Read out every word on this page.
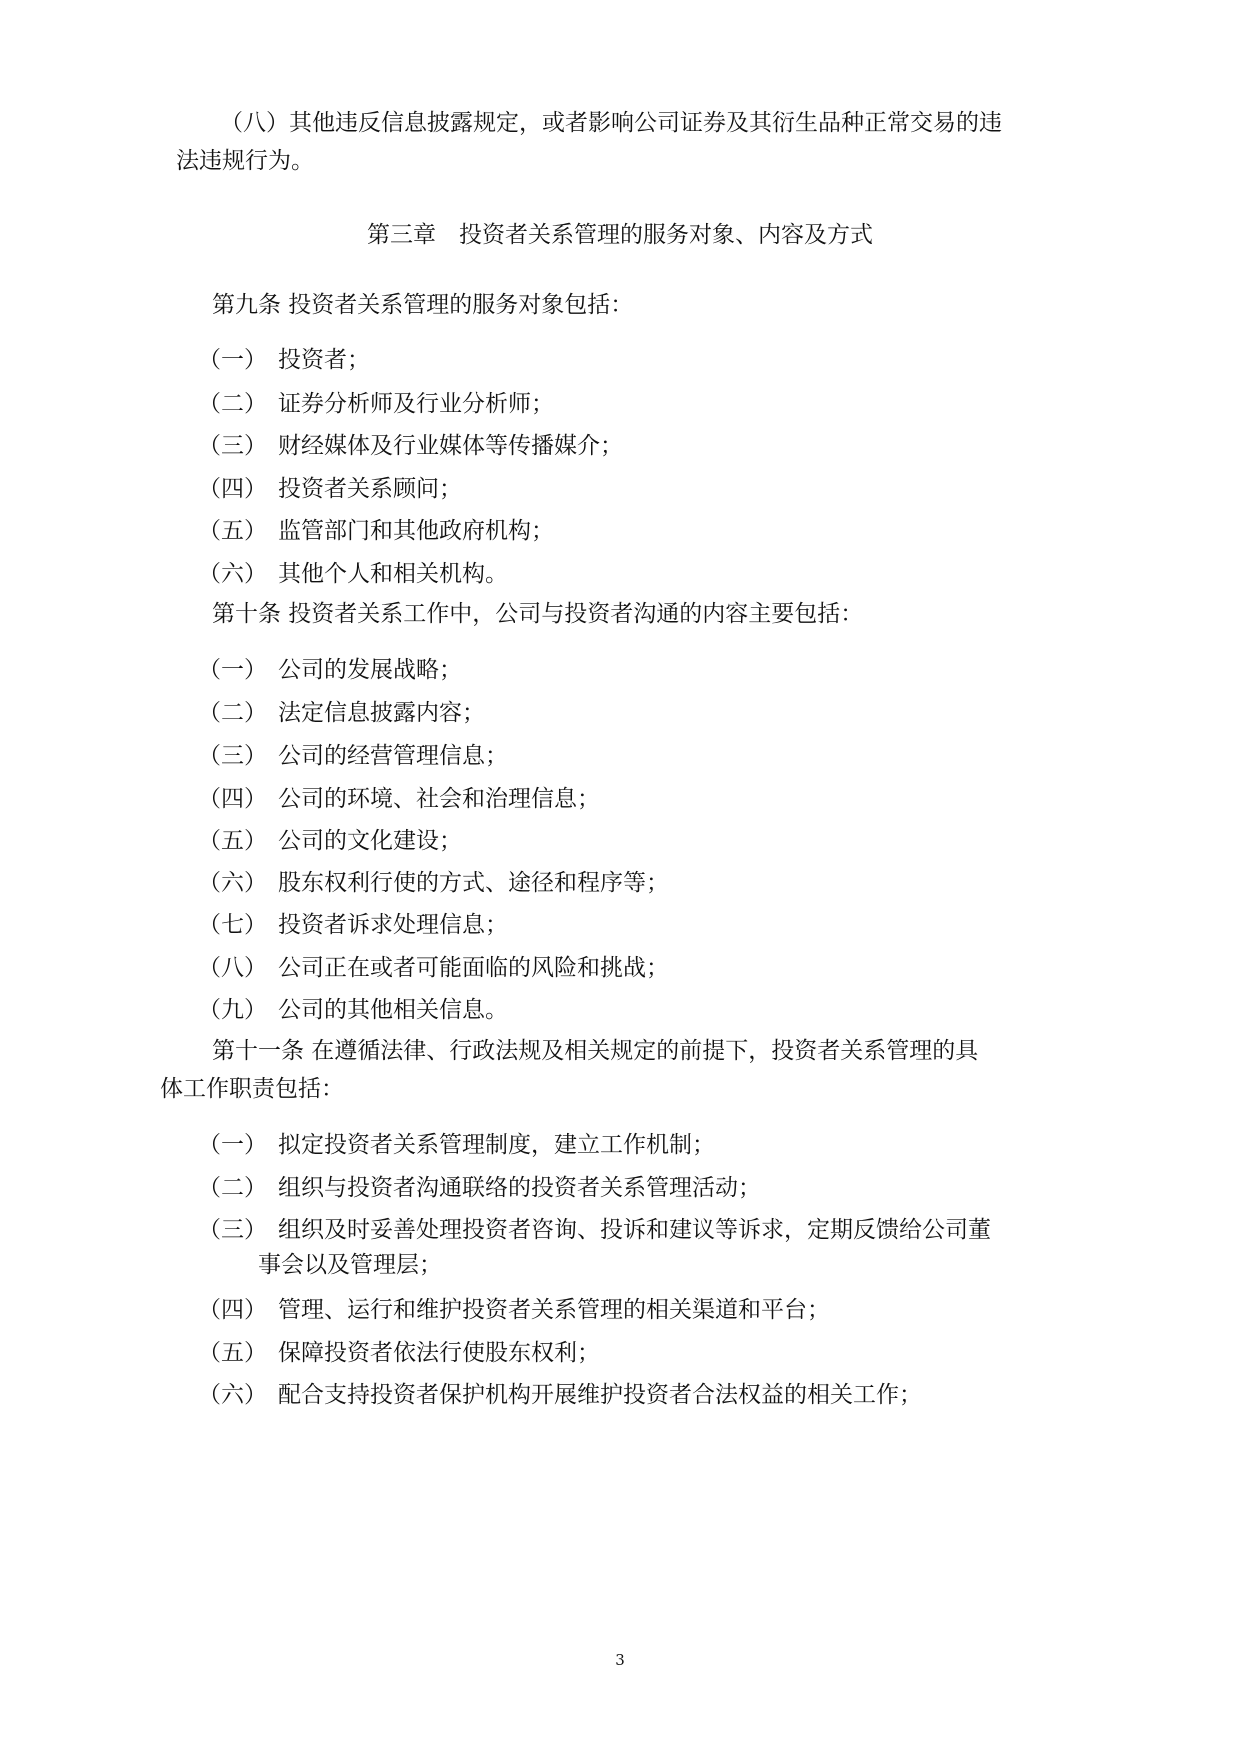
（八）其他违反信息披露规定，或者影响公司证券及其衍生品种正常交易的违
法违规行为。
第三章　投资者关系管理的服务对象、内容及方式
第九条 投资者关系管理的服务对象包括：
（一） 投资者；
（二） 证券分析师及行业分析师；
（三） 财经媒体及行业媒体等传播媒介；
（四） 投资者关系顾问；
（五） 监管部门和其他政府机构；
（六） 其他个人和相关机构。
第十条 投资者关系工作中，公司与投资者沟通的内容主要包括：
（一） 公司的发展战略；
（二） 法定信息披露内容；
（三） 公司的经营管理信息；
（四） 公司的环境、社会和治理信息；
（五） 公司的文化建设；
（六） 股东权利行使的方式、途径和程序等；
（七） 投资者诉求处理信息；
（八） 公司正在或者可能面临的风险和挑战；
（九） 公司的其他相关信息。
第十一条 在遵循法律、行政法规及相关规定的前提下，投资者关系管理的具
体工作职责包括：
（一） 拟定投资者关系管理制度，建立工作机制；
（二） 组织与投资者沟通联络的投资者关系管理活动；
（三） 组织及时妥善处理投资者咨询、投诉和建议等诉求，定期反馈给公司董
事会以及管理层；
（四） 管理、运行和维护投资者关系管理的相关渠道和平台；
（五） 保障投资者依法行使股东权利；
（六） 配合支持投资者保护机构开展维护投资者合法权益的相关工作；
3
